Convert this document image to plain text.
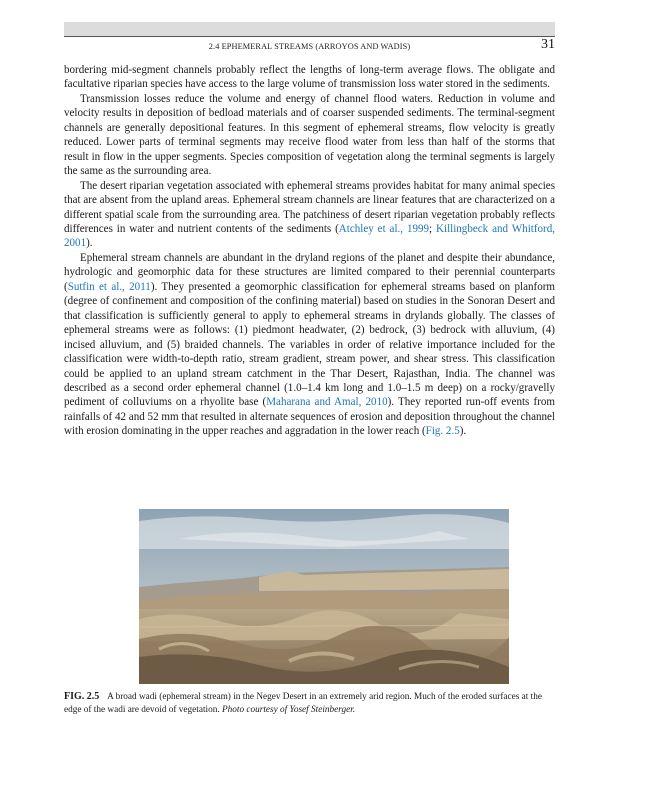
2.4 EPHEMERAL STREAMS (ARROYOS AND WADIS)	31

bordering mid-segment channels probably reflect the lengths of long-term average flows. The obligate and facultative riparian species have access to the large volume of transmission loss water stored in the sediments.

Transmission losses reduce the volume and energy of channel flood waters. Reduction in volume and velocity results in deposition of bedload materials and of coarser suspended sediments. The terminal-segment channels are generally depositional features. In this segment of ephemeral streams, flow velocity is greatly reduced. Lower parts of terminal segments may receive flood water from less than half of the storms that result in flow in the upper segments. Species composition of vegetation along the terminal segments is largely the same as the surrounding area.

The desert riparian vegetation associated with ephemeral streams provides habitat for many animal species that are absent from the upland areas. Ephemeral stream channels are linear features that are characterized on a different spatial scale from the surrounding area. The patchiness of desert riparian vegetation probably reflects differences in water and nutrient contents of the sediments (Atchley et al., 1999; Killingbeck and Whitford, 2001).

Ephemeral stream channels are abundant in the dryland regions of the planet and despite their abundance, hydrologic and geomorphic data for these structures are limited compared to their perennial counterparts (Sutfin et al., 2011). They presented a geomorphic classification for ephemeral streams based on planform (degree of confinement and composition of the confining material) based on studies in the Sonoran Desert and that classification is sufficiently general to apply to ephemeral streams in drylands globally. The classes of ephemeral streams were as follows: (1) piedmont headwater, (2) bedrock, (3) bedrock with alluvium, (4) incised alluvium, and (5) braided channels. The variables in order of relative importance included for the classification were width-to-depth ratio, stream gradient, stream power, and shear stress. This classification could be applied to an upland stream catchment in the Thar Desert, Rajasthan, India. The channel was described as a second order ephemeral channel (1.0–1.4 km long and 1.0–1.5 m deep) on a rocky/gravelly pediment of colluviums on a rhyolite base (Maharana and Amal, 2010). They reported run-off events from rainfalls of 42 and 52 mm that resulted in alternate sequences of erosion and deposition throughout the channel with erosion dominating in the upper reaches and aggradation in the lower reach (Fig. 2.5).

FIG. 2.5 A broad wadi (ephemeral stream) in the Negev Desert in an extremely arid region. Much of the eroded surfaces at the edge of the wadi are devoid of vegetation. Photo courtesy of Yosef Steinberger.
